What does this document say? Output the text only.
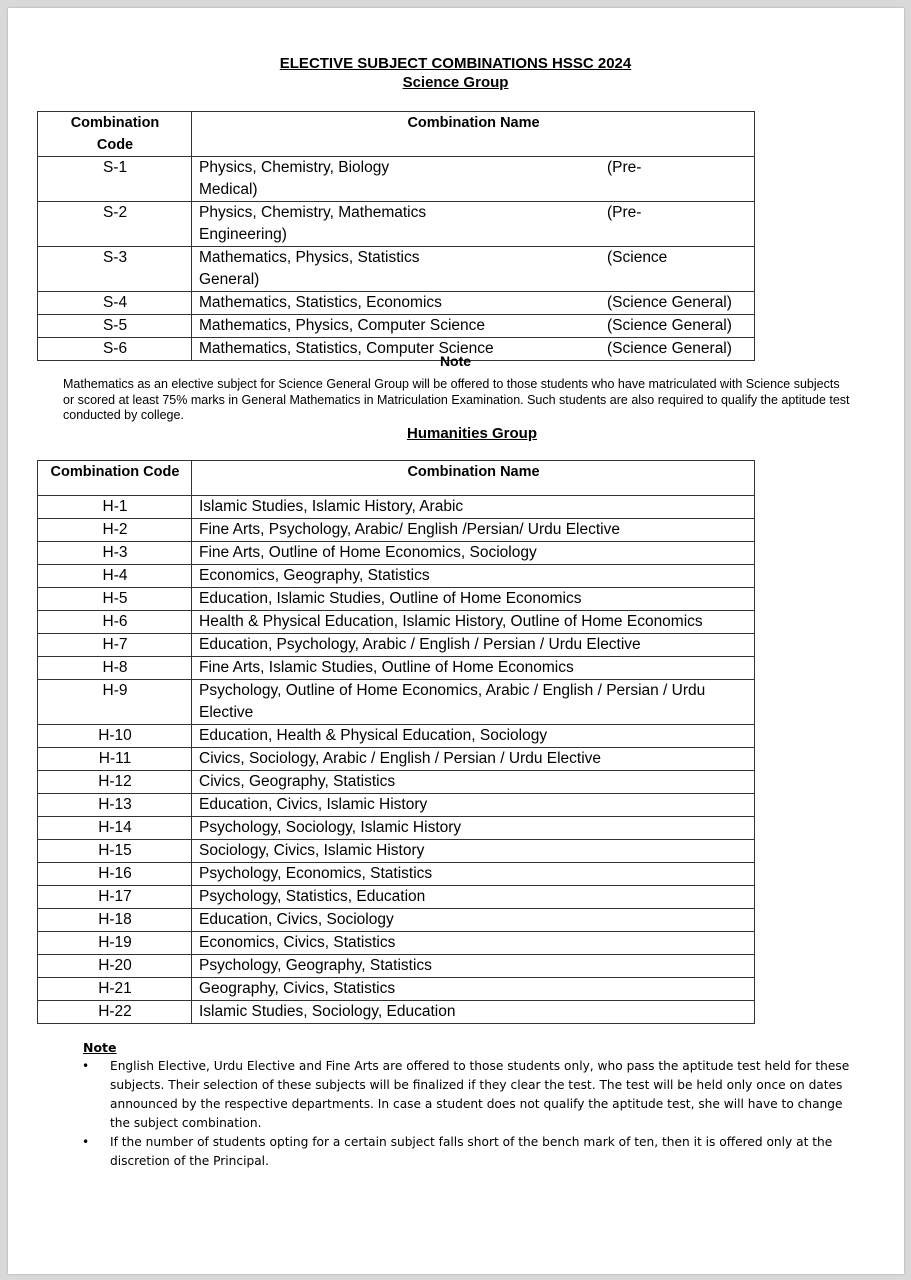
ELECTIVE SUBJECT COMBINATIONS HSSC 2024
Science Group
Combination
Code	Combination Name
S-1	Physics, Chemistry, Biology (Pre-
Medical)

S-2	Physics, Chemistry, Mathematics (Pre-
Engineering)

S-3	Mathematics, Physics, Statistics (Science
General)

S-4	Mathematics, Statistics, Economics (Science General)

S-5	Mathematics, Physics, Computer Science (Science General)

S-6	Mathematics, Statistics, Computer Science (Science General)
Note
Mathematics as an elective subject for Science General Group will be offered to those students who have matriculated with Science subjects or scored at least 75% marks in General Mathematics in Matriculation Examination. Such students are also required to qualify the aptitude test conducted by college.
Humanities Group
Combination Code	Combination Name
H-1	Islamic Studies, Islamic History, Arabic
H-2	Fine Arts, Psychology, Arabic/ English /Persian/ Urdu Elective
H-3	Fine Arts, Outline of Home Economics, Sociology
H-4	Economics, Geography, Statistics
H-5	Education, Islamic Studies, Outline of Home Economics
H-6	Health & Physical Education, Islamic History, Outline of Home Economics
H-7	Education, Psychology, Arabic / English / Persian / Urdu Elective
H-8	Fine Arts, Islamic Studies, Outline of Home Economics
H-9	Psychology, Outline of Home Economics, Arabic / English / Persian / Urdu Elective
H-10	Education, Health & Physical Education, Sociology
H-11	Civics, Sociology, Arabic / English / Persian / Urdu Elective
H-12	Civics, Geography, Statistics
H-13	Education, Civics, Islamic History
H-14	Psychology, Sociology, Islamic History
H-15	Sociology, Civics, Islamic History
H-16	Psychology, Economics, Statistics
H-17	Psychology, Statistics, Education
H-18	Education, Civics, Sociology
H-19	Economics, Civics, Statistics
H-20	Psychology, Geography, Statistics
H-21	Geography, Civics, Statistics
H-22	Islamic Studies, Sociology, Education
Note
• English Elective, Urdu Elective and Fine Arts are offered to those students only, who pass the aptitude test held for these subjects. Their selection of these subjects will be finalized if they clear the test. The test will be held only once on dates announced by the respective departments. In case a student does not qualify the aptitude test, she will have to change the subject combination.
• If the number of students opting for a certain subject falls short of the bench mark of ten, then it is offered only at the discretion of the Principal.
